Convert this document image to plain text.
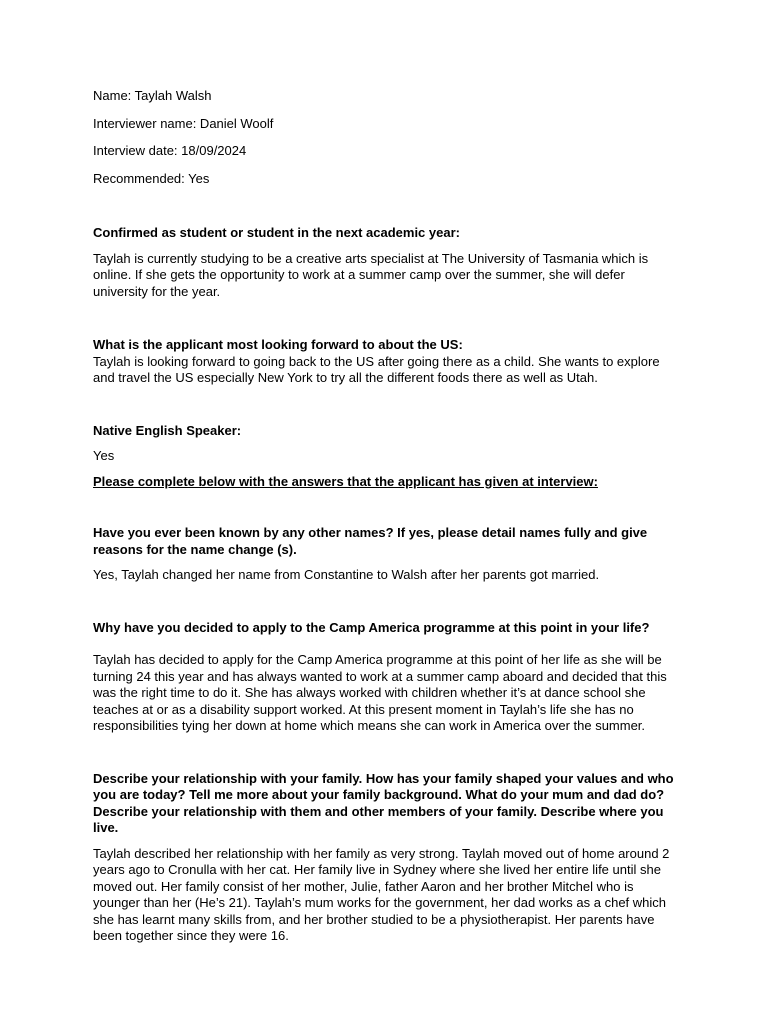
Name: Taylah Walsh

Interviewer name: Daniel Woolf

Interview date: 18/09/2024

Recommended: Yes

Confirmed as student or student in the next academic year:

Taylah is currently studying to be a creative arts specialist at The University of Tasmania which is online. If she gets the opportunity to work at a summer camp over the summer, she will defer university for the year.

What is the applicant most looking forward to about the US:

Taylah is looking forward to going back to the US after going there as a child. She wants to explore and travel the US especially New York to try all the different foods there as well as Utah.

Native English Speaker:

Yes

Please complete below with the answers that the applicant has given at interview:

Have you ever been known by any other names? If yes, please detail names fully and give reasons for the name change (s).

Yes, Taylah changed her name from Constantine to Walsh after her parents got married.

Why have you decided to apply to the Camp America programme at this point in your life?

Taylah has decided to apply for the Camp America programme at this point of her life as she will be turning 24 this year and has always wanted to work at a summer camp aboard and decided that this was the right time to do it. She has always worked with children whether it’s at dance school she teaches at or as a disability support worked. At this present moment in Taylah’s life she has no responsibilities tying her down at home which means she can work in America over the summer.

Describe your relationship with your family. How has your family shaped your values and who you are today? Tell me more about your family background. What do your mum and dad do? Describe your relationship with them and other members of your family. Describe where you live.

Taylah described her relationship with her family as very strong. Taylah moved out of home around 2 years ago to Cronulla with her cat. Her family live in Sydney where she lived her entire life until she moved out. Her family consist of her mother, Julie, father Aaron and her brother Mitchel who is younger than her (He’s 21). Taylah’s mum works for the government, her dad works as a chef which she has learnt many skills from, and her brother studied to be a physiotherapist. Her parents have been together since they were 16.
